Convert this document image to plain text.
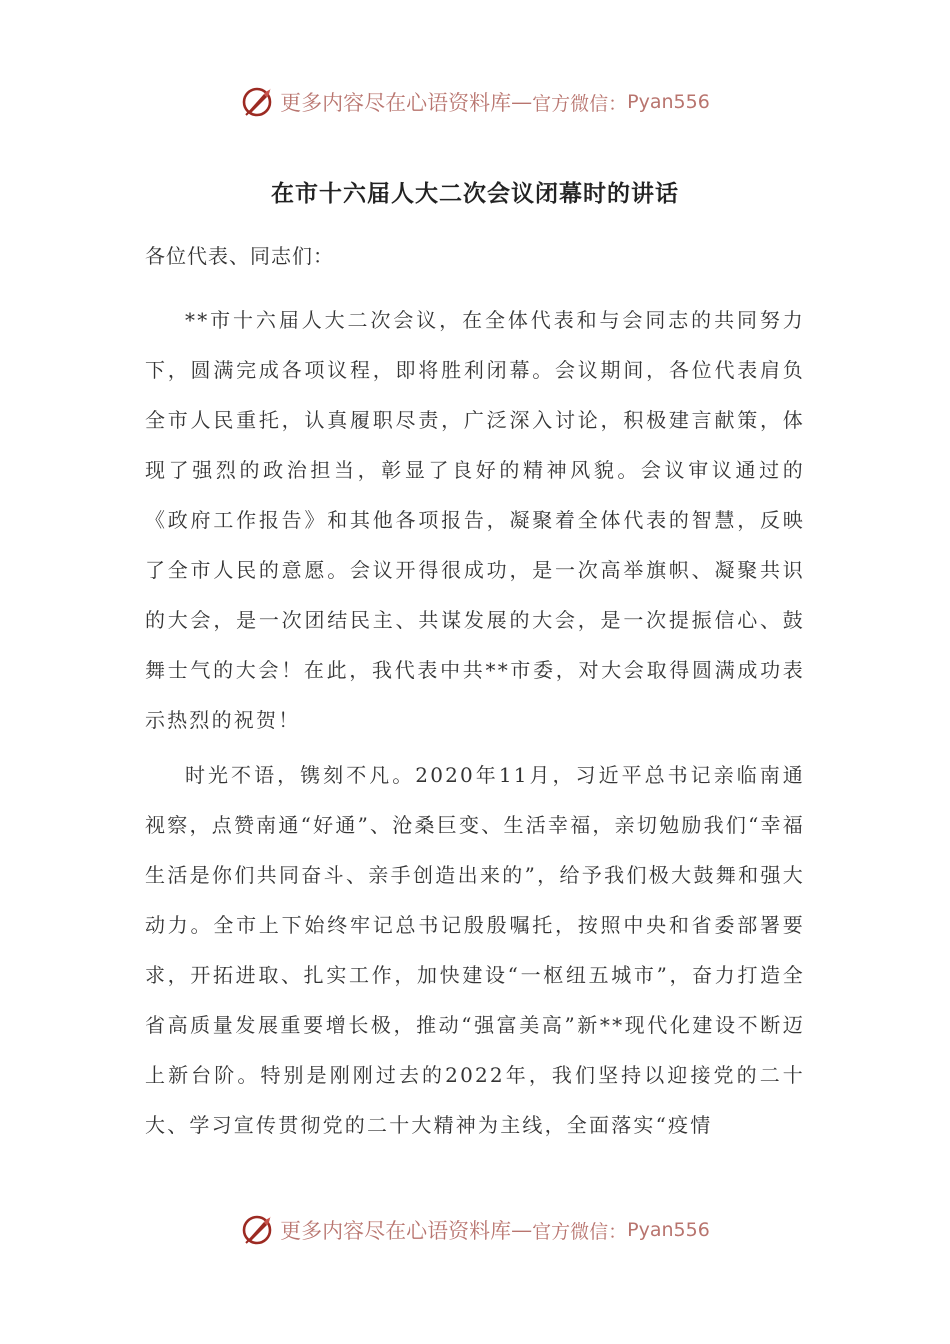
更多内容尽在心语资料库 — 官方微信： Pyan556
在市十六届人大二次会议闭幕时的讲话

各位代表、同志们：

**市十六届人大二次会议，在全体代表和与会同志的共同努力下，圆满完成各项议程，即将胜利闭幕。会议期间，各位代表肩负全市人民重托，认真履职尽责，广泛深入讨论，积极建言献策，体现了强烈的政治担当，彰显了良好的精神风貌。会议审议通过的《政府工作报告》和其他各项报告，凝聚着全体代表的智慧，反映了全市人民的意愿。会议开得很成功，是一次高举旗帜、凝聚共识的大会，是一次团结民主、共谋发展的大会，是一次提振信心、鼓舞士气的大会！在此，我代表中共**市委，对大会取得圆满成功表示热烈的祝贺！

时光不语，镌刻不凡。2020年11月，习近平总书记亲临南通视察，点赞南通“好通”、沧桑巨变、生活幸福，亲切勉励我们“幸福生活是你们共同奋斗、亲手创造出来的”，给予我们极大鼓舞和强大动力。全市上下始终牢记总书记殷殷嘱托，按照中央和省委部署要求，开拓进取、扎实工作，加快建设“一枢纽五城市”，奋力打造全省高质量发展重要增长极，推动“强富美高”新**现代化建设不断迈上新台阶。特别是刚刚过去的2022年，我们坚持以迎接党的二十大、学习宣传贯彻党的二十大精神为主线，全面落实“疫情

更多内容尽在心语资料库 — 官方微信： Pyan556
